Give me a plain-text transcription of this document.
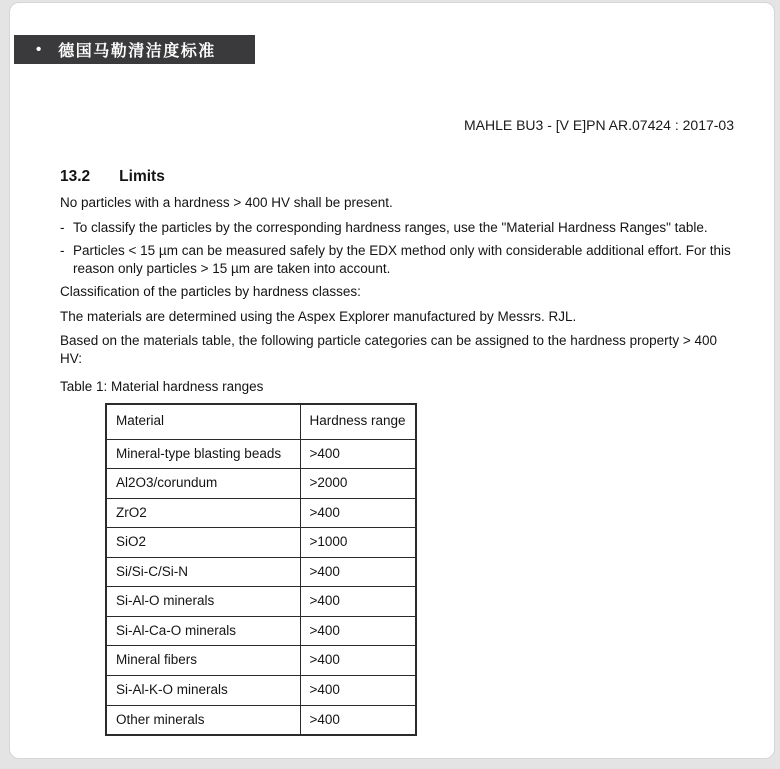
• 德国马勒清洁度标准
MAHLE BU3 - [V E]PN AR.07424 : 2017-03
13.2 Limits

No particles with a hardness > 400 HV shall be present.

- To classify the particles by the corresponding hardness ranges, use the "Material Hardness Ranges" table.
- Particles < 15 µm can be measured safely by the EDX method only with considerable additional effort. For this reason only particles > 15 µm are taken into account.

Classification of the particles by hardness classes:

The materials are determined using the Aspex Explorer manufactured by Messrs. RJL.

Based on the materials table, the following particle categories can be assigned to the hardness property > 400 HV:

Table 1: Material hardness ranges

Material	Hardness range
Mineral-type blasting beads	>400
Al2O3/corundum	>2000
ZrO2	>400
SiO2	>1000
Si/Si-C/Si-N	>400
Si-Al-O minerals	>400
Si-Al-Ca-O minerals	>400
Mineral fibers	>400
Si-Al-K-O minerals	>400
Other minerals	>400
